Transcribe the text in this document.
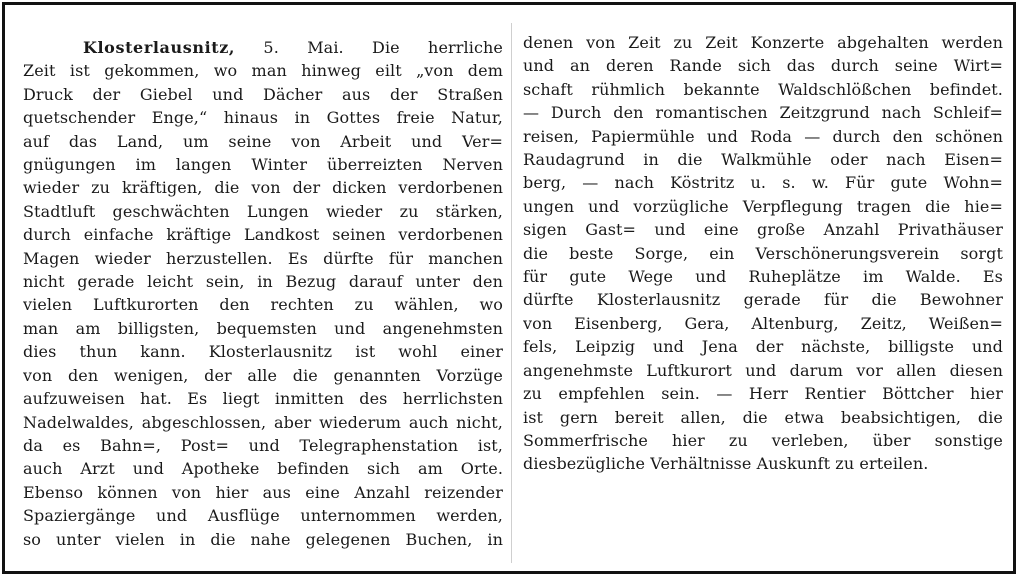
Klosterlausnitz, 5. Mai. Die herrliche
Zeit ist gekommen, wo man hinweg eilt „von dem
Druck der Giebel und Dächer aus der Straßen
quetschender Enge,“ hinaus in Gottes freie Natur,
auf das Land, um seine von Arbeit und Ver=
gnügungen im langen Winter überreizten Nerven
wieder zu kräftigen, die von der dicken verdorbenen
Stadtluft geschwächten Lungen wieder zu stärken,
durch einfache kräftige Landkost seinen verdorbenen
Magen wieder herzustellen. Es dürfte für manchen
nicht gerade leicht sein, in Bezug darauf unter den
vielen Luftkurorten den rechten zu wählen, wo
man am billigsten, bequemsten und angenehmsten
dies thun kann. Klosterlausnitz ist wohl einer
von den wenigen, der alle die genannten Vorzüge
aufzuweisen hat. Es liegt inmitten des herrlichsten
Nadelwaldes, abgeschlossen, aber wiederum auch nicht,
da es Bahn=, Post= und Telegraphenstation ist,
auch Arzt und Apotheke befinden sich am Orte.
Ebenso können von hier aus eine Anzahl reizender
Spaziergänge und Ausflüge unternommen werden,
so unter vielen in die nahe gelegenen Buchen, in
denen von Zeit zu Zeit Konzerte abgehalten werden
und an deren Rande sich das durch seine Wirt=
schaft rühmlich bekannte Waldschlößchen befindet.
— Durch den romantischen Zeitzgrund nach Schleif=
reisen, Papiermühle und Roda — durch den schönen
Raudagrund in die Walkmühle oder nach Eisen=
berg, — nach Köstritz u. s. w. Für gute Wohn=
ungen und vorzügliche Verpflegung tragen die hie=
sigen Gast= und eine große Anzahl Privathäuser
die beste Sorge, ein Verschönerungsverein sorgt
für gute Wege und Ruheplätze im Walde. Es
dürfte Klosterlausnitz gerade für die Bewohner
von Eisenberg, Gera, Altenburg, Zeitz, Weißen=
fels, Leipzig und Jena der nächste, billigste und
angenehmste Luftkurort und darum vor allen diesen
zu empfehlen sein. — Herr Rentier Böttcher hier
ist gern bereit allen, die etwa beabsichtigen, die
Sommerfrische hier zu verleben, über sonstige
diesbezügliche Verhältnisse Auskunft zu erteilen.
